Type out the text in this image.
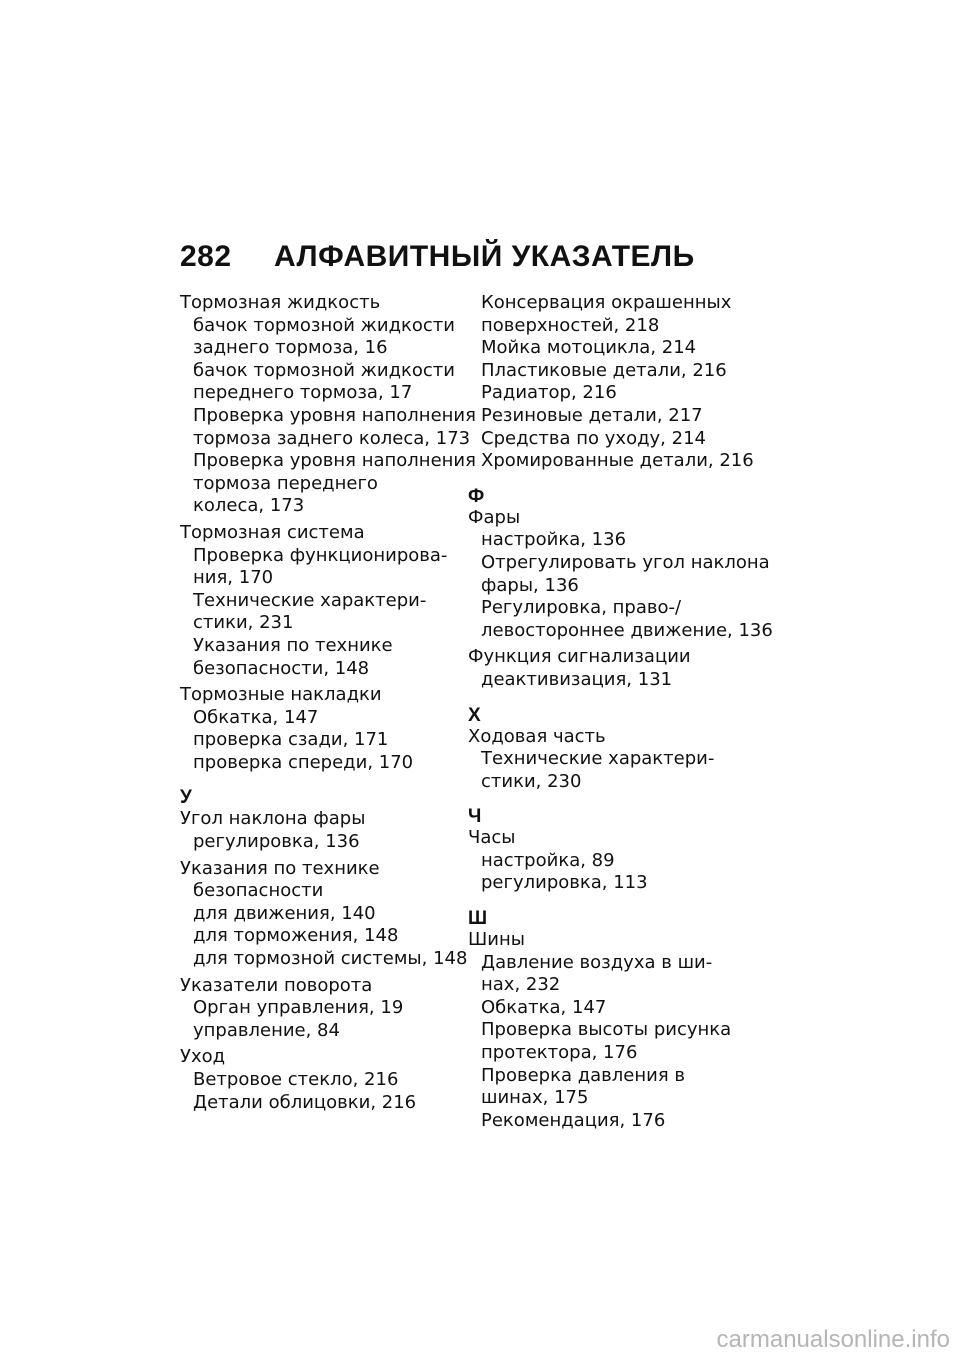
282 АЛФАВИТНЫЙ УКАЗАТЕЛЬ
Тормозная жидкость
бачок тормозной жидкости
заднего тормоза, 16
бачок тормозной жидкости
переднего тормоза, 17
Проверка уровня наполнения
тормоза заднего колеса, 173
Проверка уровня наполнения
тормоза переднего
колеса, 173
Тормозная система
Проверка функционирова-
ния, 170
Технические характери-
стики, 231
Указания по технике
безопасности, 148
Тормозные накладки
Обкатка, 147
проверка сзади, 171
проверка спереди, 170
У
Угол наклона фары
регулировка, 136
Указания по технике
безопасности
для движения, 140
для торможения, 148
для тормозной системы, 148
Указатели поворота
Орган управления, 19
управление, 84
Уход
Ветровое стекло, 216
Детали облицовки, 216
Консервация окрашенных
поверхностей, 218
Мойка мотоцикла, 214
Пластиковые детали, 216
Радиатор, 216
Резиновые детали, 217
Средства по уходу, 214
Хромированные детали, 216
Ф
Фары
настройка, 136
Отрегулировать угол наклона
фары, 136
Регулировка, право-/
левостороннее движение, 136
Функция сигнализации
деактивизация, 131
Х
Ходовая часть
Технические характери-
стики, 230
Ч
Часы
настройка, 89
регулировка, 113
Ш
Шины
Давление воздуха в ши-
нах, 232
Обкатка, 147
Проверка высоты рисунка
протектора, 176
Проверка давления в
шинах, 175
Рекомендация, 176
carmanualsonline.info
